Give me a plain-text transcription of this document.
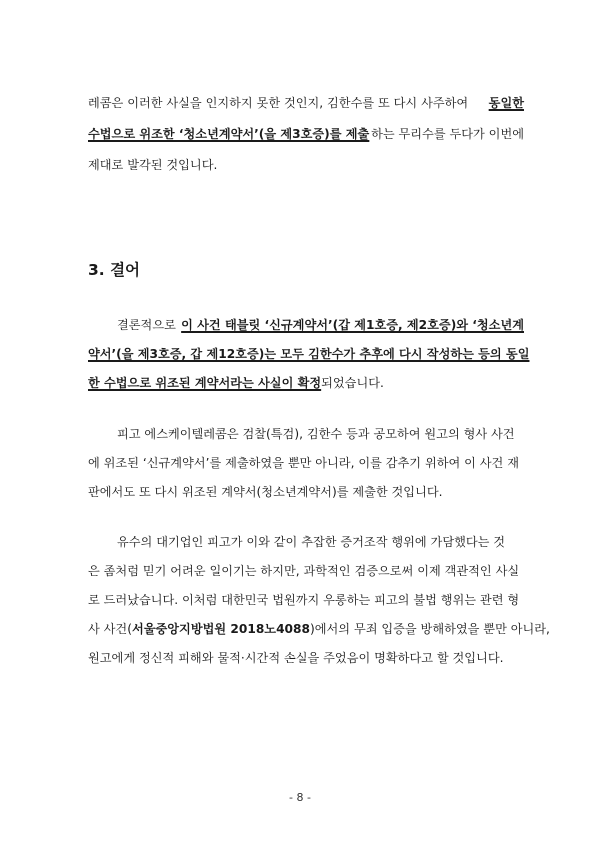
레콤은 이러한 사실을 인지하지 못한 것인지, 김한수를 또 다시 사주하여 동일한
수법으로 위조한 ‘청소년계약서’(을 제3호증)를 제출 하는 무리수를 두다가 이번에
제대로 발각된 것입니다.
3. 결어
결론적으로 이 사건 태블릿 ‘신규계약서’(갑 제1호증, 제2호증)와 ‘청소년계
약서’(을 제3호증, 갑 제12호증)는 모두 김한수가 추후에 다시 작성하는 등의 동일
한 수법으로 위조된 계약서라는 사실이 확정 되었습니다.
피고 에스케이텔레콤은 검찰(특검), 김한수 등과 공모하여 원고의 형사 사건
에 위조된 ‘신규계약서’를 제출하였을 뿐만 아니라, 이를 감추기 위하여 이 사건 재
판에서도 또 다시 위조된 계약서(청소년계약서)를 제출한 것입니다.
유수의 대기업인 피고가 이와 같이 추잡한 증거조작 행위에 가담했다는 것
은 좀처럼 믿기 어려운 일이기는 하지만, 과학적인 검증으로써 이제 객관적인 사실
로 드러났습니다. 이처럼 대한민국 법원까지 우롱하는 피고의 불법 행위는 관련 형
사 사건(서울중앙지방법원 2018노4088 )에서의 무죄 입증을 방해하였을 뿐만 아니라,
원고에게 정신적 피해와 물적·시간적 손실을 주었음이 명확하다고 할 것입니다.
- 8 -
